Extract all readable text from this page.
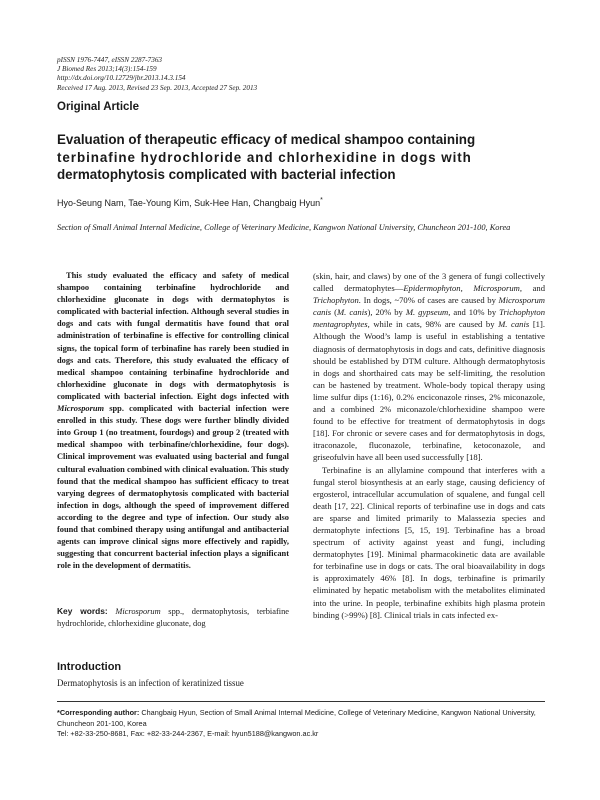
pISSN 1976-7447, eISSN 2287-7363
J Biomed Res 2013;14(3):154-159
http://dx.doi.org/10.12729/jbr.2013.14.3.154
Received 17 Aug. 2013, Revised 23 Sep. 2013, Accepted 27 Sep. 2013
Original Article
Evaluation of therapeutic efficacy of medical shampoo containing
terbinafine hydrochloride and chlorhexidine in dogs with
dermatophytosis complicated with bacterial infection
Hyo-Seung Nam, Tae-Young Kim, Suk-Hee Han, Changbaig Hyun*
Section of Small Animal Internal Medicine, College of Veterinary Medicine, Kangwon National University, Chuncheon 201-100, Korea
This study evaluated the efficacy and safety of medical shampoo containing terbinafine hydrochloride and chlorhexidine gluconate in dogs with dermatophytos is complicated with bacterial infection. Although several studies in dogs and cats with fungal dermatitis have found that oral administration of terbinafine is effective for controlling clinical signs, the topical form of terbinafine has rarely been studied in dogs and cats. Therefore, this study evaluated the efficacy of medical shampoo containing terbinafine hydrochloride and chlorhexidine gluconate in dogs with dermatophytosis is complicated with bacterial infection. Eight dogs infected with Microsporum spp. complicated with bacterial infection were enrolled in this study. These dogs were further blindly divided into Group 1 (no treatment, fourdogs) and group 2 (treated with medical shampoo with terbinafine/chlorhexidine, four dogs). Clinical improvement was evaluated using bacterial and fungal cultural evaluation combined with clinical evaluation. This study found that the medical shampoo has sufficient efficacy to treat varying degrees of dermatophytosis complicated with bacterial infection in dogs, although the speed of improvement differed according to the degree and type of infection. Our study also found that combined therapy using antifungal and antibacterial agents can improve clinical signs more effectively and rapidly, suggesting that concurrent bacterial infection plays a significant role in the development of dermatitis.
Key words: Microsporum spp., dermatophytosis, terbiafine hydrochloride, chlorhexidine gluconate, dog
Introduction
Dermatophytosis is an infection of keratinized tissue

(skin, hair, and claws) by one of the 3 genera of fungi collectively called dermatophytes—Epidermophyton, Microsporum, and Trichophyton. In dogs, ~70% of cases are caused by Microsporum canis (M. canis), 20% by M. gypseum, and 10% by Trichophyton mentagrophytes, while in cats, 98% are caused by M. canis [1]. Although the Wood’s lamp is useful in establishing a tentative diagnosis of dermatophytosis in dogs and cats, definitive diagnosis should be established by DTM culture. Although dermatophytosis in dogs and shorthaired cats may be self-limiting, the resolution can be hastened by treatment. Whole-body topical therapy using lime sulfur dips (1:16), 0.2% enciconazole rinses, 2% miconazole, and a combined 2% miconazole/chlorhexidine shampoo were found to be effective for treatment of dermatophytosis in dogs [18]. For chronic or severe cases and for dermatophytosis in dogs, itraconazole, fluconazole, terbinafine, ketoconazole, and griseofulvin have all been used successfully [18].

Terbinafine is an allylamine compound that interferes with a fungal sterol biosynthesis at an early stage, causing deficiency of ergosterol, intracellular accumulation of squalene, and fungal cell death [17, 22]. Clinical reports of terbinafine use in dogs and cats are sparse and limited primarily to Malassezia species and dermatophyte infections [5, 15, 19]. Terbinafine has a broad spectrum of activity against yeast and fungi, including dermatophytes [19]. Minimal pharmacokinetic data are available for terbinafine use in dogs or cats. The oral bioavailability in dogs is approximately 46% [8]. In dogs, terbinafine is primarily eliminated by hepatic metabolism with the metabolites eliminated into the urine. In people, terbinafine exhibits high plasma protein binding (>99%) [8]. Clinical trials in cats infected ex-

*Corresponding author: Changbaig Hyun, Section of Small Animal Internal Medicine, College of Veterinary Medicine, Kangwon National University, Chuncheon 201-100, Korea
Tel: +82-33-250-8681, Fax: +82-33-244-2367, E-mail: hyun5188@kangwon.ac.kr
